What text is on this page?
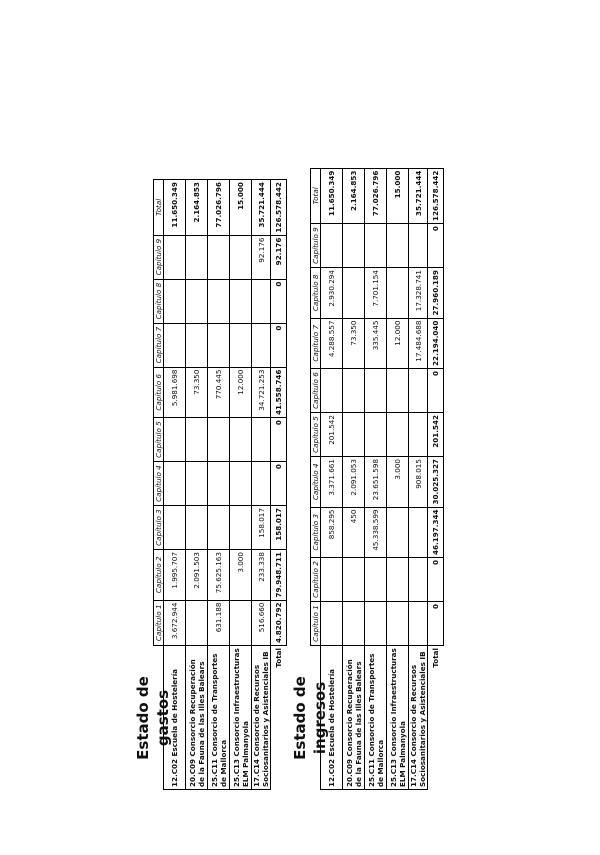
Estado de gastos
	Capítulo 1	Capítulo 2	Capítulo 3	Capítulo 4	Capítulo 5	Capítulo 6	Capítulo 7	Capítulo 8	Capítulo 9	Total
12.C02 Escuela de Hostelería	3.672.944	1.995.707				5.981.698				11.650.349
20.C09 Consorcio Recuperación de la Fauna de las Illes Balears		2.091.503				73.350				2.164.853
25.C11 Consorcio de Transportes de Mallorca	631.188	75.625.163				770.445				77.026.796
25.C13 Consorcio Infraestructuras ELM Palmanyola		3.000				12.000				15.000
17.C14 Consorcio de Recursos Sociosanitarios y Asistenciales IB	516.660	233.338	158.017			34.721.253			92.176	35.721.444
Total	4.820.792	79.948.711	158.017	0	0	41.558.746	0	0	92.176	126.578.442
Estado de ingresos
	Capítulo 1	Capítulo 2	Capítulo 3	Capítulo 4	Capítulo 5	Capítulo 6	Capítulo 7	Capítulo 8	Capítulo 9	Total
12.C02 Escuela de Hostelería			858.295	3.371.661	201.542		4.288.557	2.930.294		11.650.349
20.C09 Consorcio Recuperación de la Fauna de las Illes Balears			450	2.091.053			73.350			2.164.853
25.C11 Consorcio de Transportes de Mallorca			45.338.599	23.651.598			335.445	7.701.154		77.026.796
25.C13 Consorcio Infraestructuras ELM Palmanyola				3.000			12.000			15.000
17.C14 Consorcio de Recursos Sociosanitarios y Asistenciales IB				908.015			17.484.688	17.328.741		35.721.444
Total	0	0	46.197.344	30.025.327	201.542	0	22.194.040	27.960.189	0	126.578.442
